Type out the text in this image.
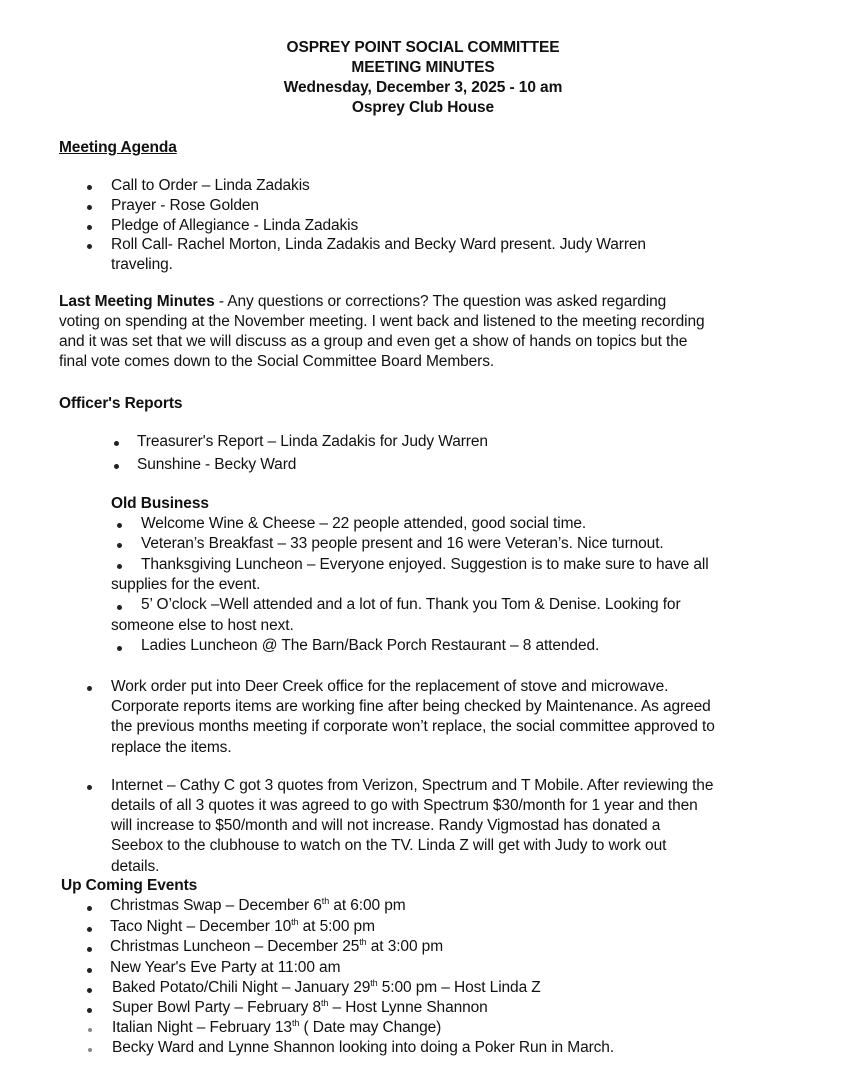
OSPREY POINT SOCIAL COMMITTEE
MEETING MINUTES
Wednesday, December 3, 2025 - 10 am
Osprey Club House
Meeting Agenda
Call to Order – Linda Zadakis
Prayer - Rose Golden
Pledge of Allegiance - Linda Zadakis
Roll Call- Rachel Morton, Linda Zadakis and Becky Ward present. Judy Warren
traveling.
Last Meeting Minutes - Any questions or corrections? The question was asked regarding
voting on spending at the November meeting. I went back and listened to the meeting recording
and it was set that we will discuss as a group and even get a show of hands on topics but the
final vote comes down to the Social Committee Board Members.
Officer's Reports
Treasurer's Report – Linda Zadakis for Judy Warren
Sunshine - Becky Ward
Old Business
Welcome Wine & Cheese – 22 people attended, good social time.
Veteran’s Breakfast – 33 people present and 16 were Veteran’s. Nice turnout.
Thanksgiving Luncheon – Everyone enjoyed. Suggestion is to make sure to have all
supplies for the event.
5’ O’clock –Well attended and a lot of fun. Thank you Tom & Denise. Looking for
someone else to host next.
Ladies Luncheon @ The Barn/Back Porch Restaurant – 8 attended.
Work order put into Deer Creek office for the replacement of stove and microwave.
Corporate reports items are working fine after being checked by Maintenance. As agreed
the previous months meeting if corporate won’t replace, the social committee approved to
replace the items.
Internet – Cathy C got 3 quotes from Verizon, Spectrum and T Mobile. After reviewing the
details of all 3 quotes it was agreed to go with Spectrum $30/month for 1 year and then
will increase to $50/month and will not increase. Randy Vigmostad has donated a
Seebox to the clubhouse to watch on the TV. Linda Z will get with Judy to work out
details.
Up Coming Events
Christmas Swap – December 6th at 6:00 pm
Taco Night – December 10th at 5:00 pm
Christmas Luncheon – December 25th at 3:00 pm
New Year's Eve Party at 11:00 am
Baked Potato/Chili Night – January 29th 5:00 pm – Host Linda Z
Super Bowl Party – February 8th – Host Lynne Shannon
Italian Night – February 13th ( Date may Change)
Becky Ward and Lynne Shannon looking into doing a Poker Run in March.
